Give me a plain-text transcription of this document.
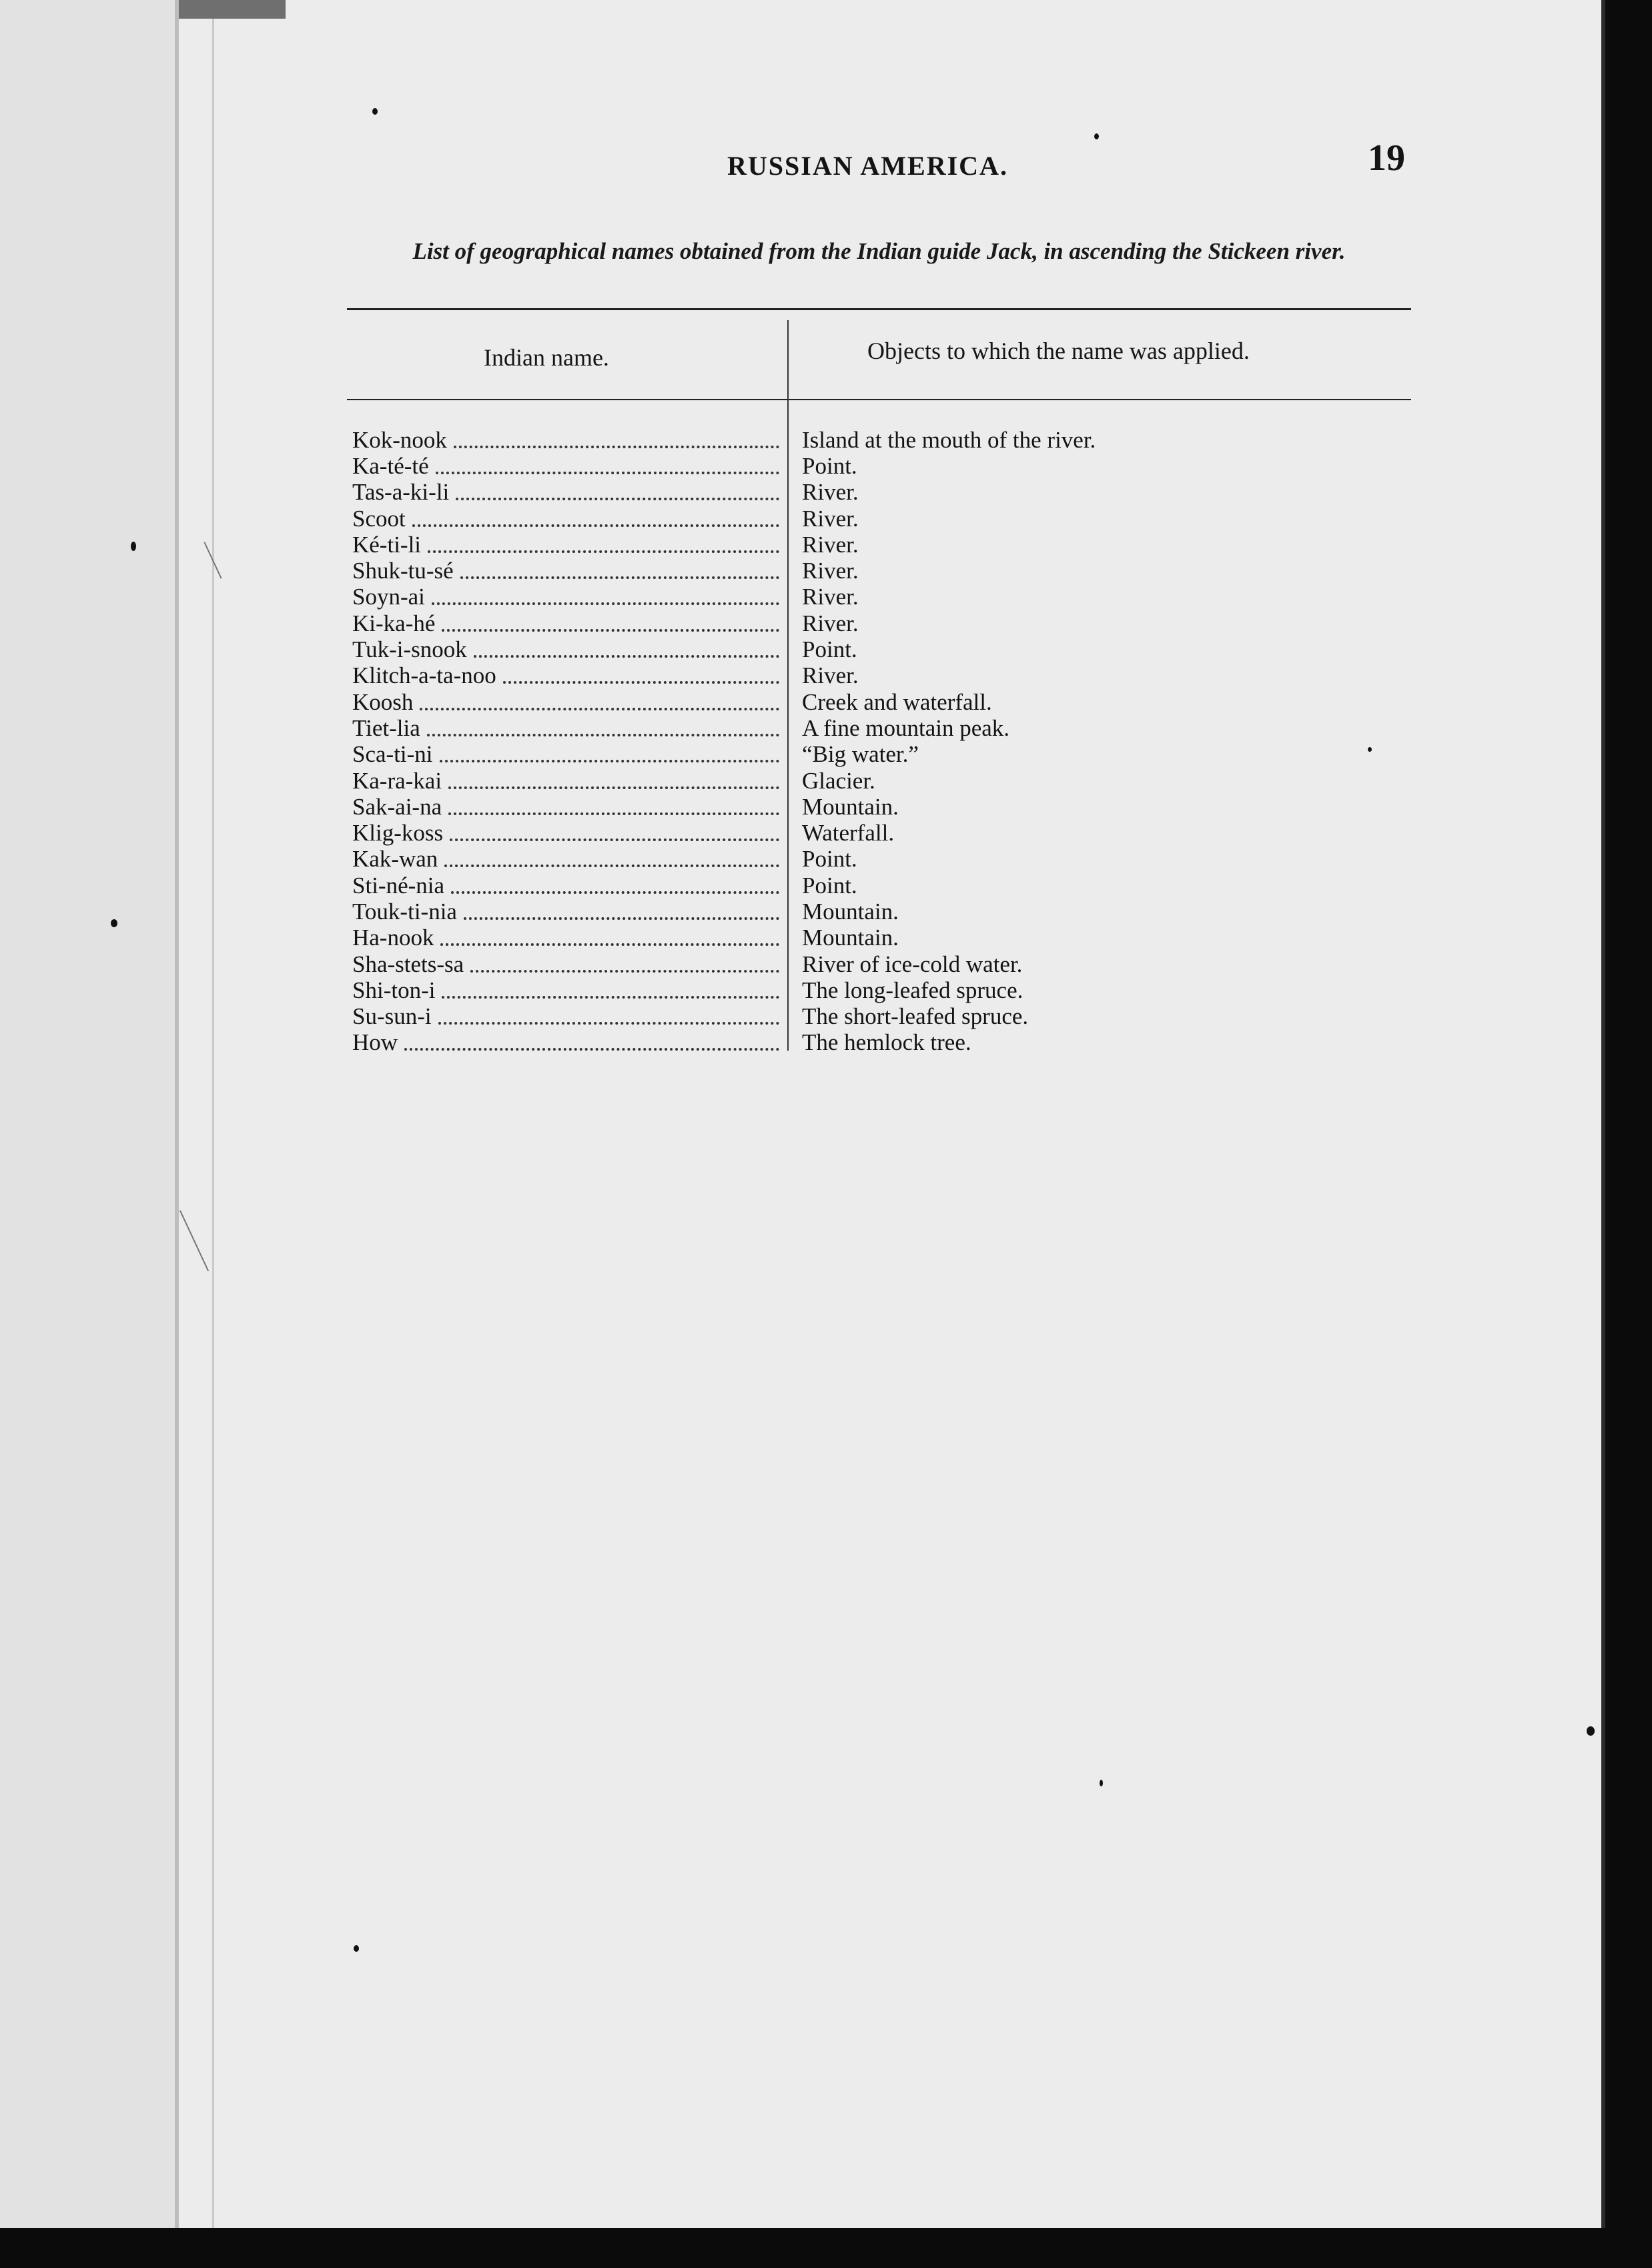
RUSSIAN AMERICA.	19
List of geographical names obtained from the Indian guide Jack, in ascending the Stickeen river.
Indian name.	Objects to which the name was applied.
Kok-nook	Island at the mouth of the river.
Ka-té-té	Point.
Tas-a-ki-li	River.
Scoot	River.
Ké-ti-li	River.
Shuk-tu-sé	River.
Soyn-ai	River.
Ki-ka-hé	River.
Tuk-i-snook	Point.
Klitch-a-ta-noo	River.
Koosh	Creek and waterfall.
Tiet-lia	A fine mountain peak.
Sca-ti-ni	“Big water.”
Ka-ra-kai	Glacier.
Sak-ai-na	Mountain.
Klig-koss	Waterfall.
Kak-wan	Point.
Sti-né-nia	Point.
Touk-ti-nia	Mountain.
Ha-nook	Mountain.
Sha-stets-sa	River of ice-cold water.
Shi-ton-i	The long-leafed spruce.
Su-sun-i	The short-leafed spruce.
How	The hemlock tree.
